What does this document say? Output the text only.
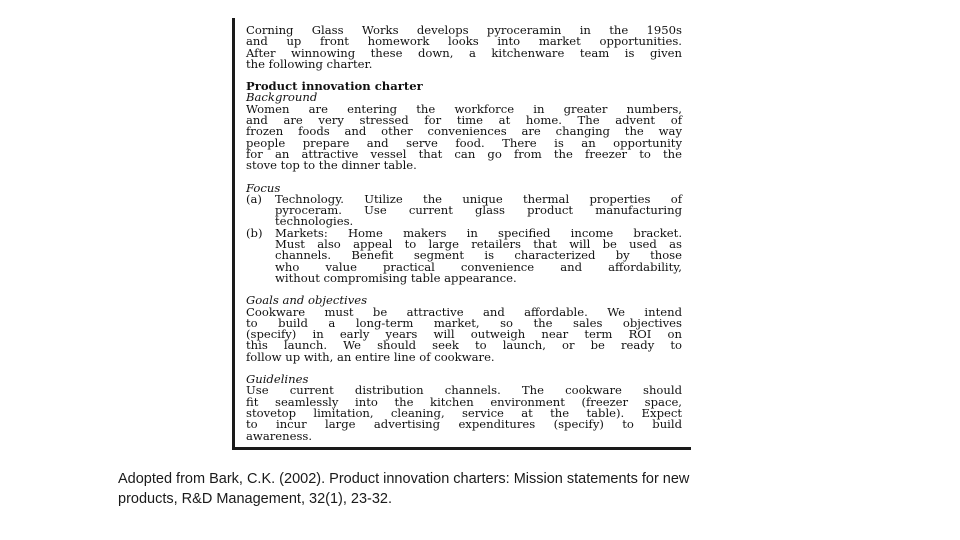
Corning Glass Works develops pyroceramin in the 1950s

and up front homework looks into market opportunities.

After winnowing these down, a kitchenware team is given

the following charter.

Product innovation charter

Background

Women are entering the workforce in greater numbers,

and are very stressed for time at home. The advent of

frozen foods and other conveniences are changing the way

people prepare and serve food. There is an opportunity

for an attractive vessel that can go from the freezer to the

stove top to the dinner table.

Focus

(a)	Technology. Utilize the unique thermal properties of

pyroceram. Use current glass product manufacturing

technologies.

(b)	Markets: Home makers in specified income bracket.

Must also appeal to large retailers that will be used as

channels. Benefit segment is characterized by those

who value practical convenience and affordability,

without compromising table appearance.

Goals and objectives

Cookware must be attractive and affordable. We intend

to build a long-term market, so the sales objectives

(specify) in early years will outweigh near term ROI on

this launch. We should seek to launch, or be ready to

follow up with, an entire line of cookware.

Guidelines

Use current distribution channels. The cookware should

fit seamlessly into the kitchen environment (freezer space,

stovetop limitation, cleaning, service at the table). Expect

to incur large advertising expenditures (specify) to build

awareness.

Adopted from Bark, C.K. (2002). Product innovation charters: Mission statements for new
products, R&D Management, 32(1), 23-32.
